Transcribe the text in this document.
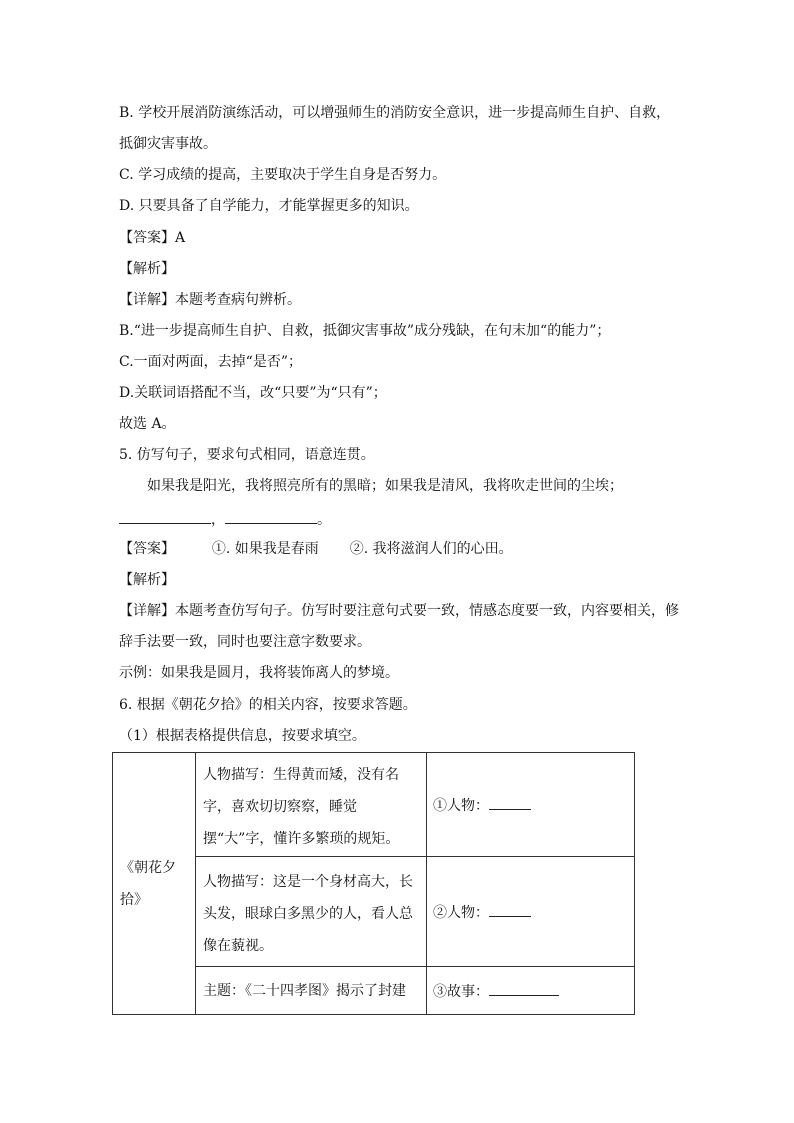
B. 学校开展消防演练活动，可以增强师生的消防安全意识，进一步提高师生自护、自救，
抵御灾害事故。
C. 学习成绩的提高，主要取决于学生自身是否努力。
D. 只要具备了自学能力，才能掌握更多的知识。
【答案】A
【解析】
【详解】本题考查病句辨析。
B.“进一步提高师生自护、自救，抵御灾害事故”成分残缺，在句末加“的能力”；
C.一面对两面，去掉“是否”；
D.关联词语搭配不当，改“只要”为“只有”；
故选 A。
5. 仿写句子，要求句式相同，语意连贯。
如果我是阳光，我将照亮所有的黑暗；如果我是清风，我将吹走世间的尘埃；
，	。
【答案】	①. 如果我是春雨 ②. 我将滋润人们的心田。
【解析】
【详解】本题考查仿写句子。仿写时要注意句式要一致，情感态度要一致，内容要相关，修
辞手法要一致，同时也要注意字数要求。
示例：如果我是圆月，我将装饰离人的梦境。
6. 根据《朝花夕拾》的相关内容，按要求答题。
（1）根据表格提供信息，按要求填空。
《朝花夕拾》	人物描写：生得黄而矮，没有名字，喜欢切切察察，睡觉摆“大”字，懂许多繁琐的规矩。	①人物：

	人物描写：这是一个身材高大，长头发，眼球白多黑少的人，看人总像在藐视。	②人物：

	主题：《二十四孝图》揭示了封建	③故事：
